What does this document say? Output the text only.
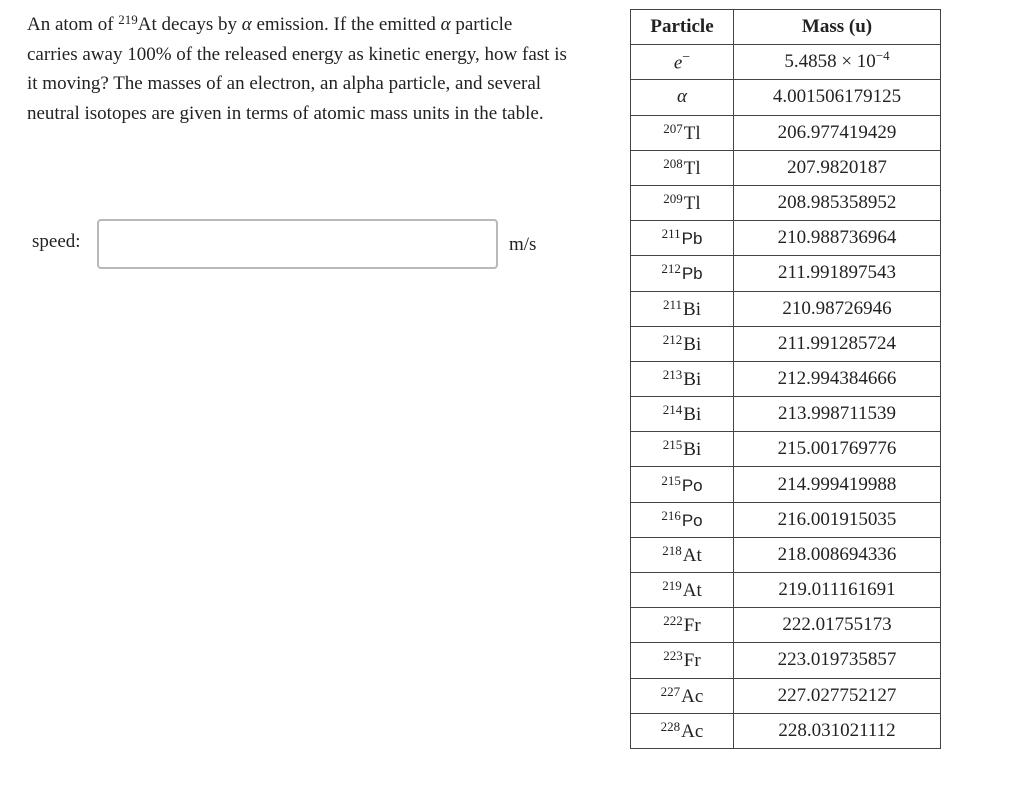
An atom of $^{219}$At decays by α emission. If the emitted α particle carries away 100% of the released energy as kinetic energy, how fast is it moving? The masses of an electron, an alpha particle, and several neutral isotopes are given in terms of atomic mass units in the table.

speed:	m/s
Particle	Mass (u)
e−	$5.4858 \times 10^{-4}$
α	4.001506179125
$^{207}$Tl	206.977419429
$^{208}$Tl	207.9820187
$^{209}$Tl	208.985358952
$^{211}$Pb	210.988736964
$^{212}$Pb	211.991897543
$^{211}$Bi	210.98726946
$^{212}$Bi	211.991285724
$^{213}$Bi	212.994384666
$^{214}$Bi	213.998711539
$^{215}$Bi	215.001769776
$^{215}$Po	214.999419988
$^{216}$Po	216.001915035
$^{218}$At	218.008694336
$^{219}$At	219.011161691
$^{222}$Fr	222.01755173
$^{223}$Fr	223.019735857
$^{227}$Ac	227.027752127
$^{228}$Ac	228.031021112
